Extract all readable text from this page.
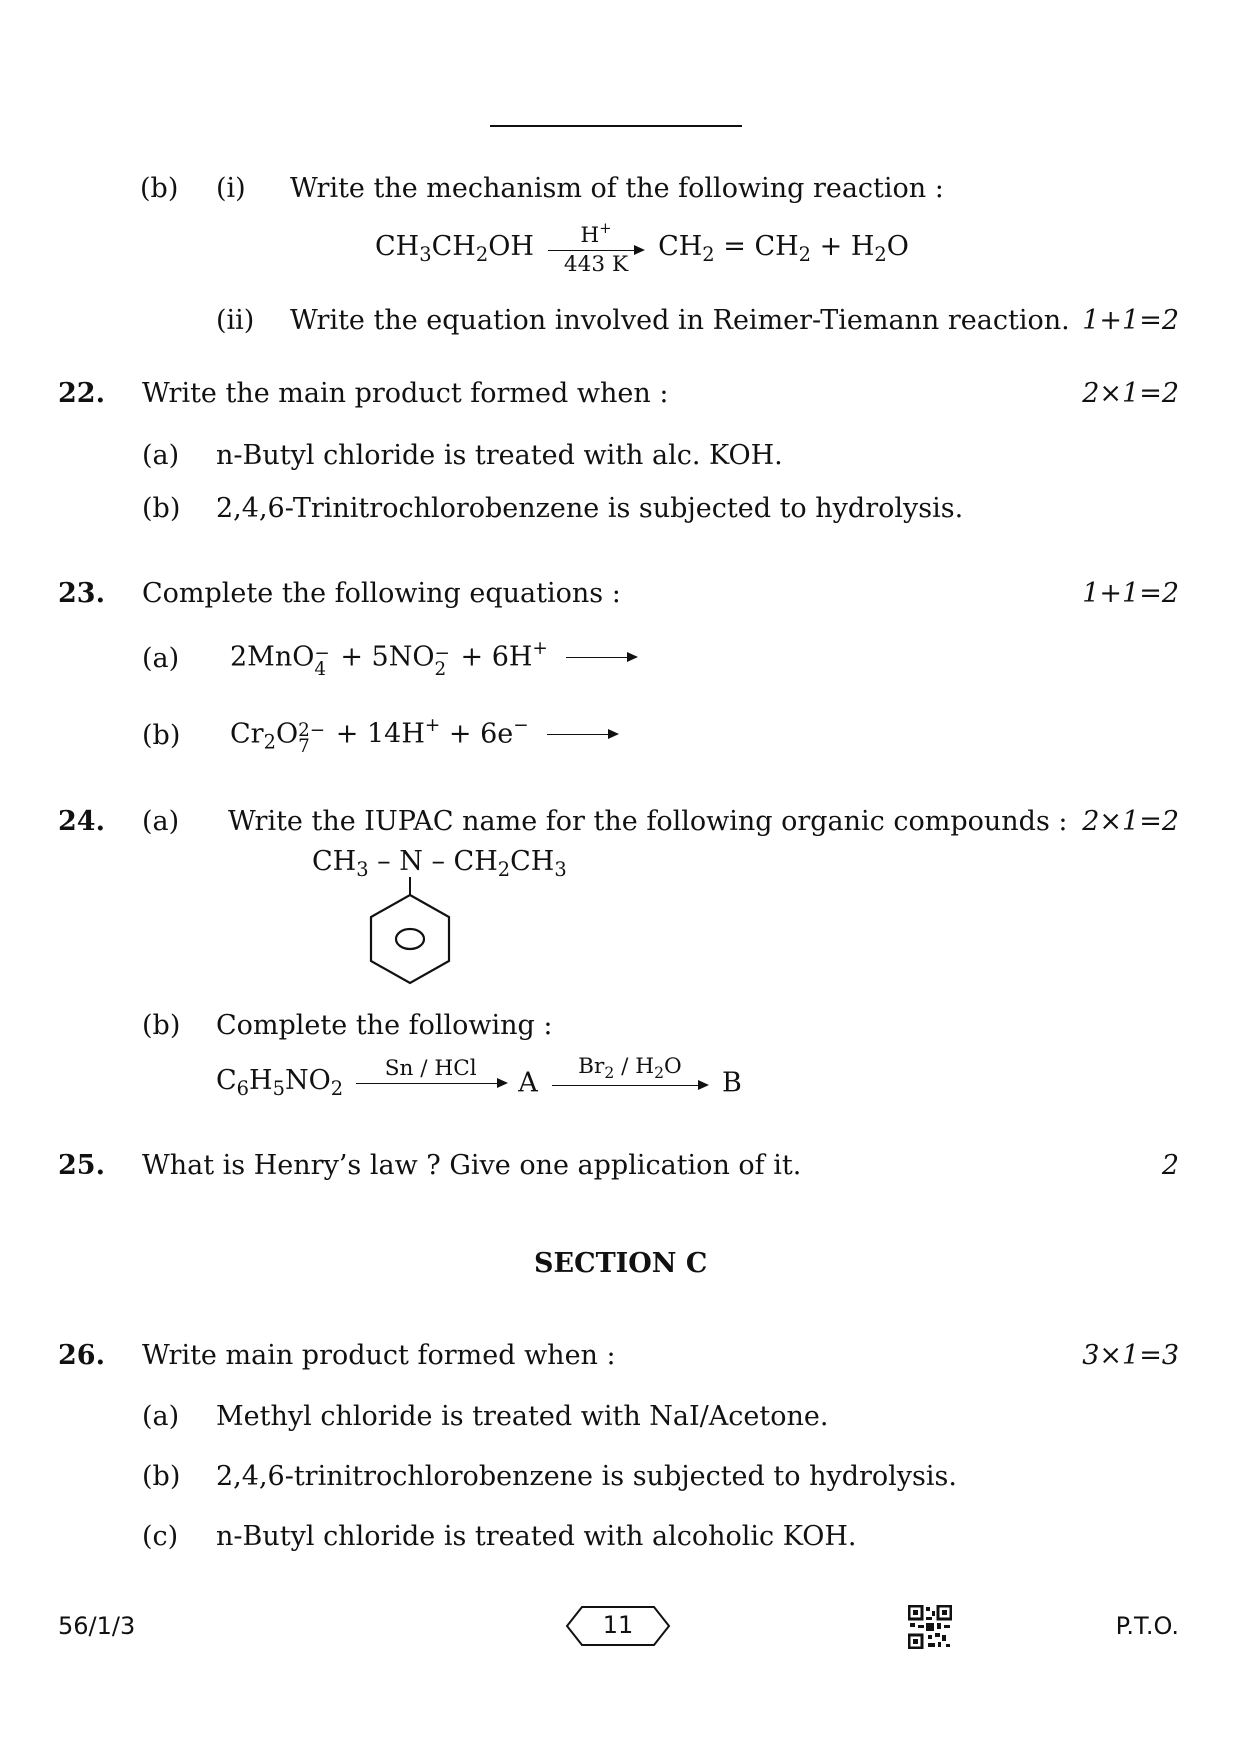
(b) (i) Write the mechanism of the following reaction :
$CH_3CH_2OH \frac{H^+}{443 K} CH_2 = CH_2 + H_2O$
(ii) Write the equation involved in Reimer-Tiemann reaction. 1+1=2
22. Write the main product formed when :	2×1=2
(a) n-Butyl chloride is treated with alc. KOH.
(b) 2,4,6-Trinitrochlorobenzene is subjected to hydrolysis.
23. Complete the following equations :	1+1=2
(a) 2MnO −
4 + 5NO −
2 + 6H+
(b) $Cr_2O$ 2−
7 + 14H+ + 6e−
24. (a) Write the IUPAC name for the following organic compounds : 2×1=2
$CH_3$ – N – $CH_2CH_3$
(b) Complete the following :
$C_6H_5NO_2$
Sn / HCl
	A
$Br_2 / H_2O$

B
25. What is Henry’s law ? Give one application of it.	2
SECTION C
26. Write main product formed when :	3×1=3
(a) Methyl chloride is treated with NaI/Acetone.
(b) 2,4,6-trinitrochlorobenzene is subjected to hydrolysis.
(c) n-Butyl chloride is treated with alcoholic KOH.
56/1/3	11	P.T.O.
